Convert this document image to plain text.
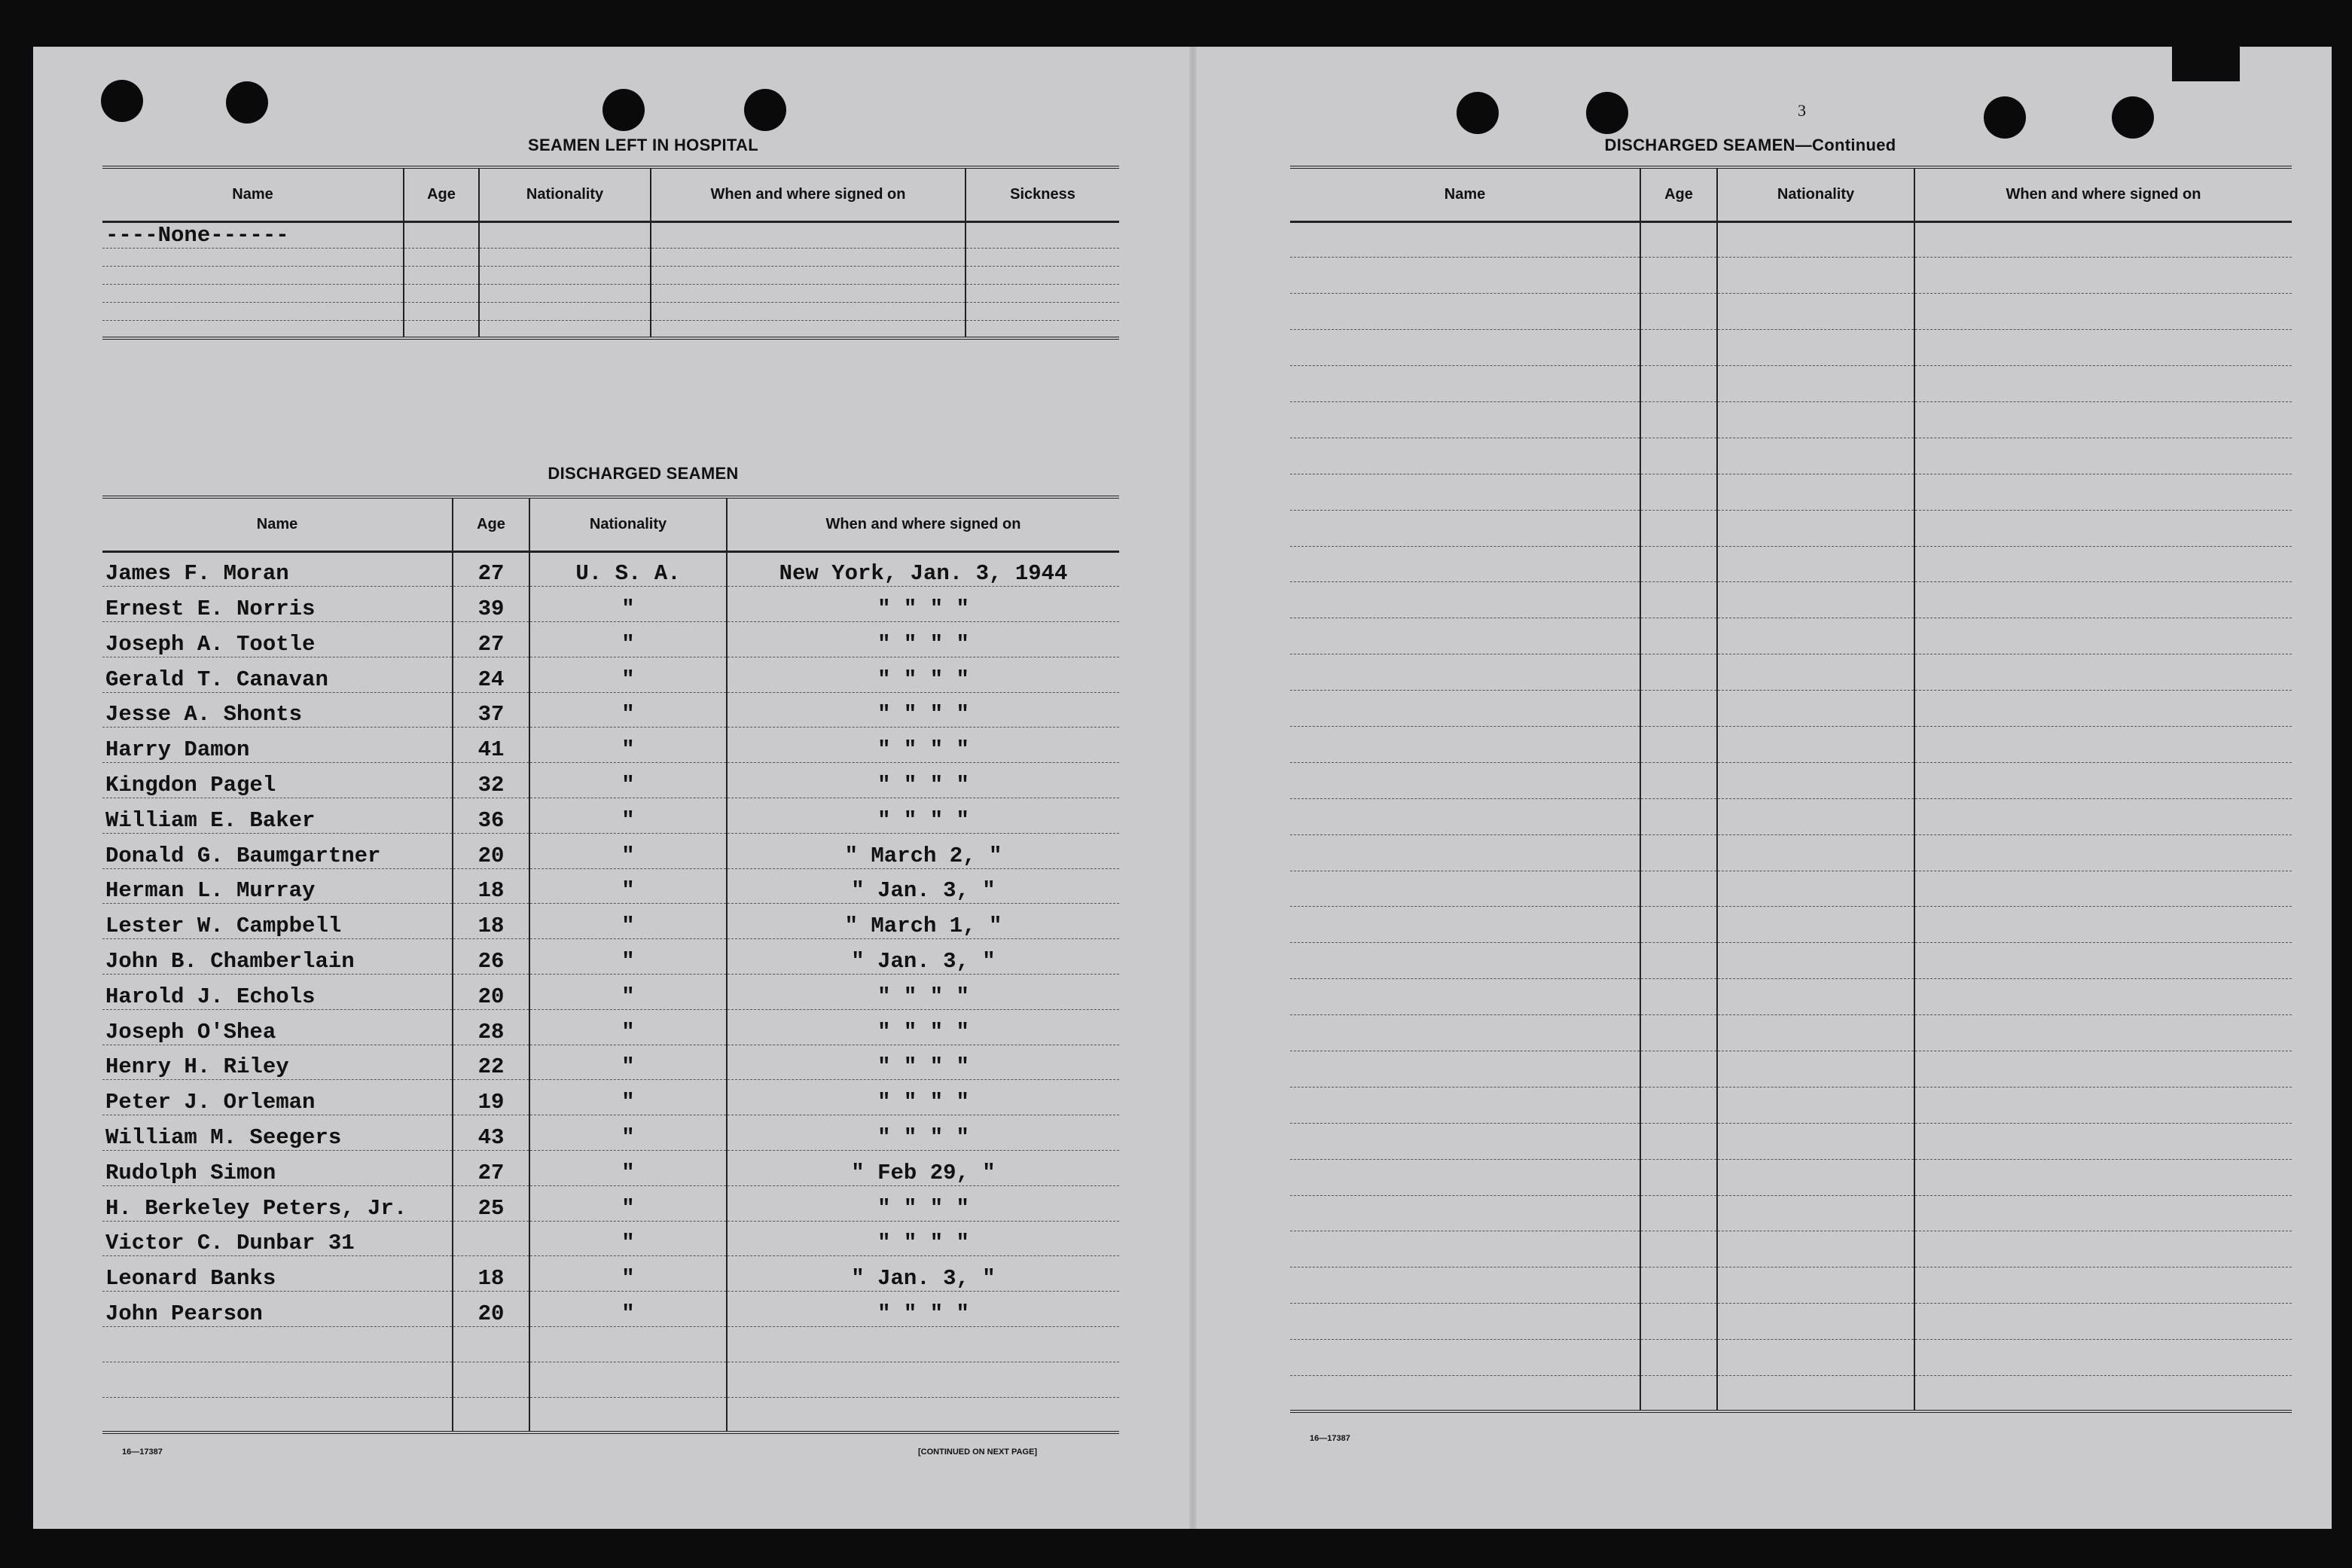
SEAMEN LEFT IN HOSPITAL
Name	Age	Nationality	When and where signed on	Sickness
----None------				

DISCHARGED SEAMEN
Name	Age	Nationality	When and where signed on
James F. Moran	27	U. S. A.	New York, Jan. 3, 1944
Ernest E. Norris	39	"	" " " "
Joseph A. Tootle	27	"	" " " "
Gerald T. Canavan	24	"	" " " "
Jesse A. Shonts	37	"	" " " "
Harry Damon	41	"	" " " "
Kingdon Pagel	32	"	" " " "
William E. Baker	36	"	" " " "
Donald G. Baumgartner	20	"	" March 2, "
Herman L. Murray	18	"	" Jan. 3, "
Lester W. Campbell	18	"	" March 1, "
John B. Chamberlain	26	"	" Jan. 3, "
Harold J. Echols	20	"	" " " "
Joseph O'Shea	28	"	" " " "
Henry H. Riley	22	"	" " " "
Peter J. Orleman	19	"	" " " "
William M. Seegers	43	"	" " " "
Rudolph Simon	27	"	" Feb 29, "
H. Berkeley Peters, Jr.	25	"	" " " "
Victor C. Dunbar 31		"	" " " "
Leonard Banks	18	"	" Jan. 3, "
John Pearson	20	"	" " " "

16—17387	[CONTINUED ON NEXT PAGE]
3
DISCHARGED SEAMEN—Continued
Name	Age	Nationality	When and where signed on

16—17387
